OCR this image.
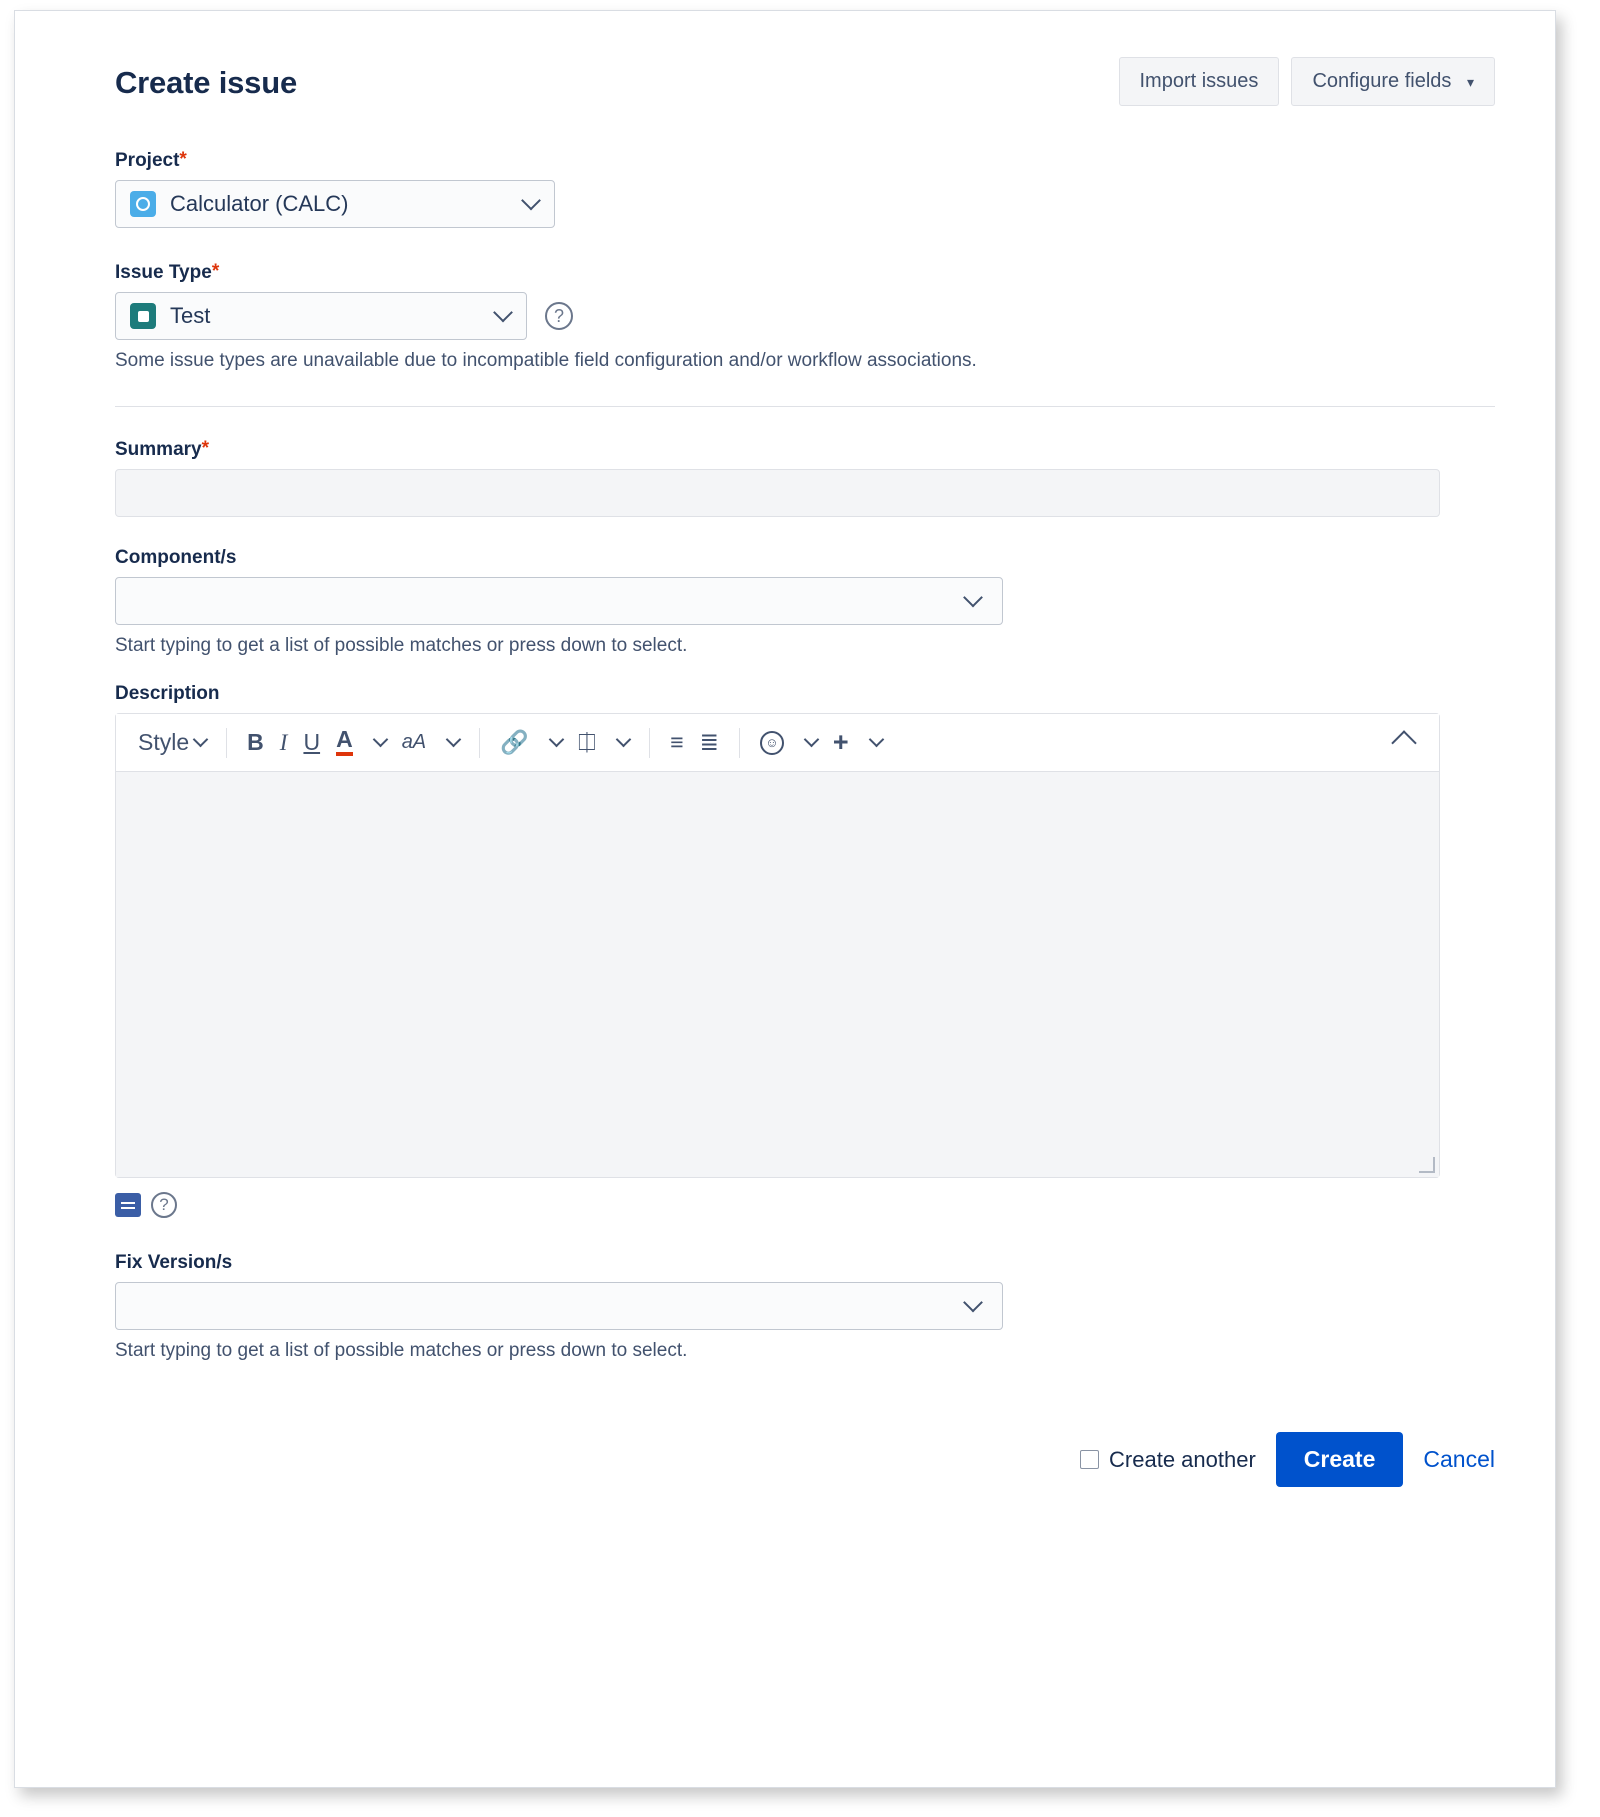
Create issue	Import issues	Configure fields ▾
Project*
Calculator (CALC)
Issue Type*
Test	?
Some issue types are unavailable due to incompatible field configuration and/or workflow associations.
Summary*
Component/s
Start typing to get a list of possible matches or press down to select.
Description
Style	B I U A aA	🔗	⎅	≡ ≣	☺ +
?
Fix Version/s
Start typing to get a list of possible matches or press down to select.
Create another	Create	Cancel
